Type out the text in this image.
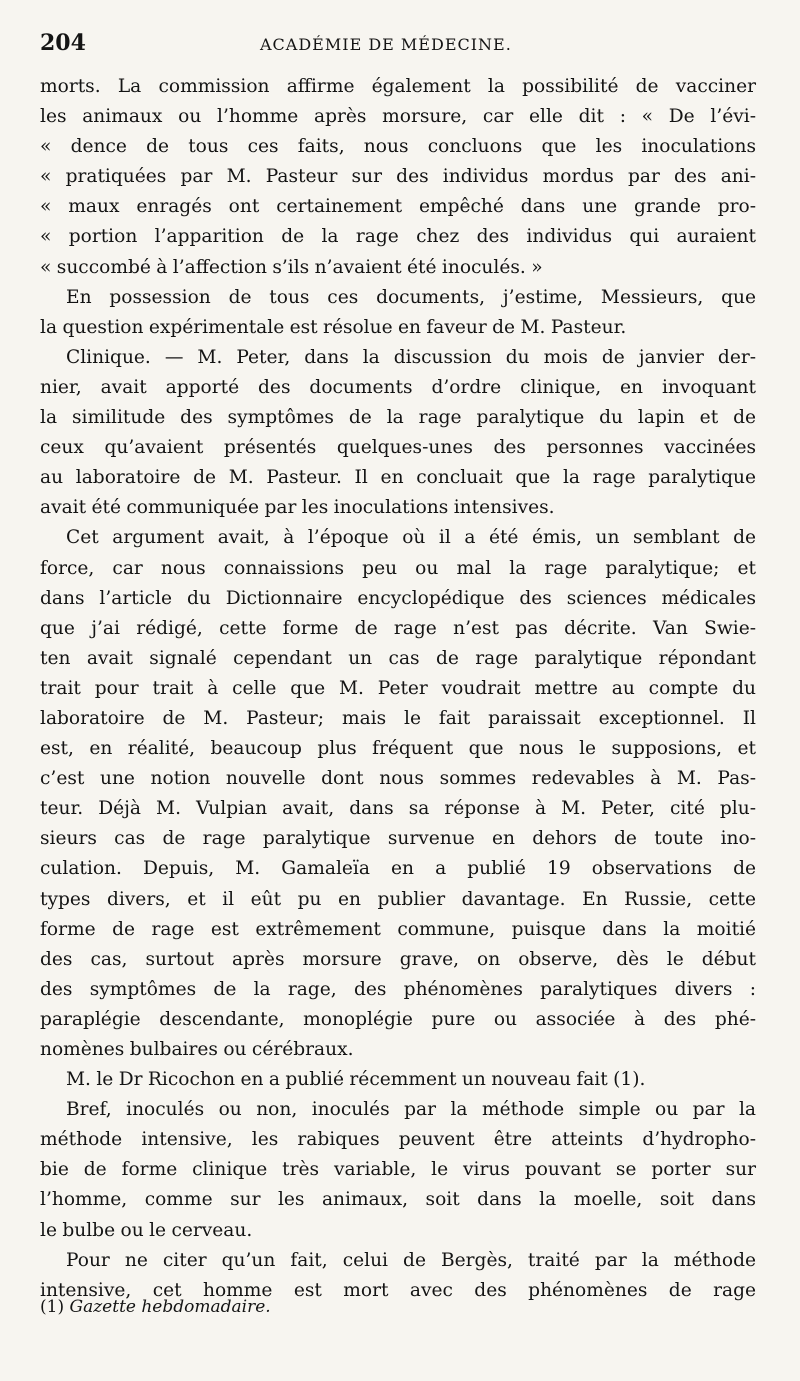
204	ACADÉMIE DE MÉDECINE.
morts. La commission affirme également la possibilité de vacciner
les animaux ou l’homme après morsure, car elle dit : « De l’évi-
« dence de tous ces faits, nous concluons que les inoculations
« pratiquées par M. Pasteur sur des individus mordus par des ani-
« maux enragés ont certainement empêché dans une grande pro-
« portion l’apparition de la rage chez des individus qui auraient
« succombé à l’affection s’ils n’avaient été inoculés. »
En possession de tous ces documents, j’estime, Messieurs, que
la question expérimentale est résolue en faveur de M. Pasteur.
Clinique. — M. Peter, dans la discussion du mois de janvier der-
nier, avait apporté des documents d’ordre clinique, en invoquant
la similitude des symptômes de la rage paralytique du lapin et de
ceux qu’avaient présentés quelques-unes des personnes vaccinées
au laboratoire de M. Pasteur. Il en concluait que la rage paralytique
avait été communiquée par les inoculations intensives.
Cet argument avait, à l’époque où il a été émis, un semblant de
force, car nous connaissions peu ou mal la rage paralytique; et
dans l’article du Dictionnaire encyclopédique des sciences médicales
que j’ai rédigé, cette forme de rage n’est pas décrite. Van Swie-
ten avait signalé cependant un cas de rage paralytique répondant
trait pour trait à celle que M. Peter voudrait mettre au compte du
laboratoire de M. Pasteur; mais le fait paraissait exceptionnel. Il
est, en réalité, beaucoup plus fréquent que nous le supposions, et
c’est une notion nouvelle dont nous sommes redevables à M. Pas-
teur. Déjà M. Vulpian avait, dans sa réponse à M. Peter, cité plu-
sieurs cas de rage paralytique survenue en dehors de toute ino-
culation. Depuis, M. Gamaleïa en a publié 19 observations de
types divers, et il eût pu en publier davantage. En Russie, cette
forme de rage est extrêmement commune, puisque dans la moitié
des cas, surtout après morsure grave, on observe, dès le début
des symptômes de la rage, des phénomènes paralytiques divers :
paraplégie descendante, monoplégie pure ou associée à des phé-
nomènes bulbaires ou cérébraux.
M. le Dr Ricochon en a publié récemment un nouveau fait (1).
Bref, inoculés ou non, inoculés par la méthode simple ou par la
méthode intensive, les rabiques peuvent être atteints d’hydropho-
bie de forme clinique très variable, le virus pouvant se porter sur
l’homme, comme sur les animaux, soit dans la moelle, soit dans
le bulbe ou le cerveau.
Pour ne citer qu’un fait, celui de Bergès, traité par la méthode
intensive, cet homme est mort avec des phénomènes de rage
(1) Gazette hebdomadaire.
